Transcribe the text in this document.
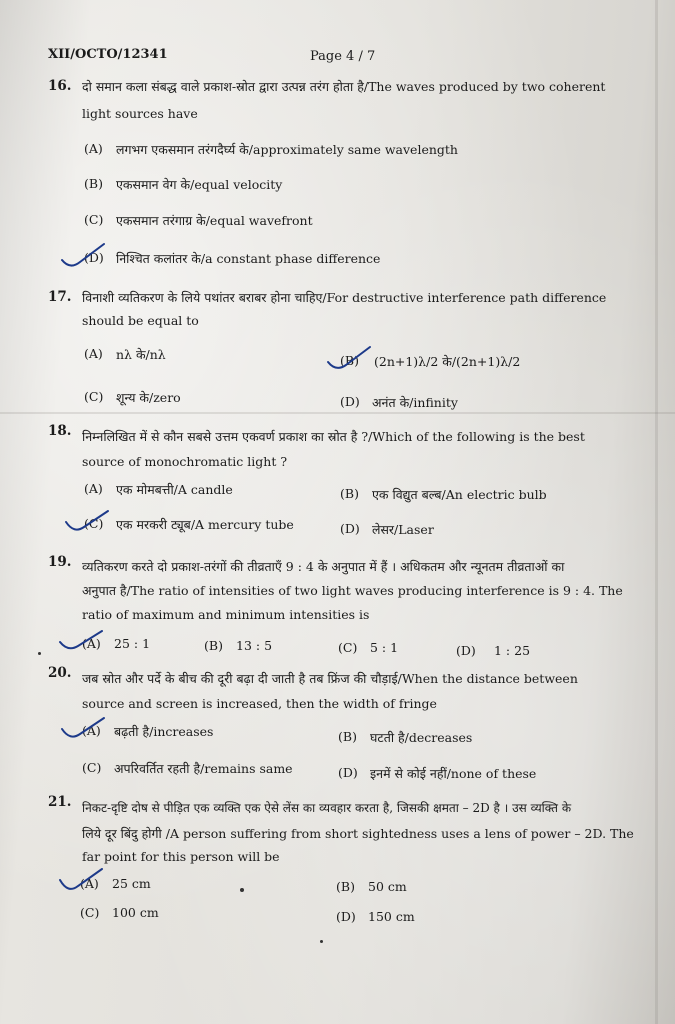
XII/OCTO/12341	Page 4 / 7
16. दो समान कला संबद्ध वाले प्रकाश-स्रोत द्वारा उत्पन्न तरंग होता है/The waves produced by two coherent
light sources have
(A) लगभग एकसमान तरंगदैर्घ्य के/approximately same wavelength
(B) एकसमान वेग के/equal velocity
(C) एकसमान तरंगाग्र के/equal wavefront
(D) निश्चित कलांतर के/a constant phase difference
17. विनाशी व्यतिकरण के लिये पथांतर बराबर होना चाहिए/For destructive interference path difference
should be equal to
(A) nλ के/nλ	(B) (2n+1)λ/2 के/(2n+1)λ/2
(C) शून्य के/zero	(D) अनंत के/infinity
18. निम्नलिखित में से कौन सबसे उत्तम एकवर्ण प्रकाश का स्रोत है ?/Which of the following is the best
source of monochromatic light ?
(A) एक मोमबत्ती/A candle	(B) एक विद्युत बल्ब/An electric bulb
(C) एक मरकरी ट्यूब/A mercury tube	(D) लेसर/Laser
19. व्यतिकरण करते दो प्रकाश-तरंगों की तीव्रताएँ 9 : 4 के अनुपात में हैं । अधिकतम और न्यूनतम तीव्रताओं का
अनुपात है/The ratio of intensities of two light waves producing interference is 9 : 4. The
ratio of maximum and minimum intensities is
(A) 25 : 1	(B) 13 : 5	(C) 5 : 1	(D) 1 : 25
20. जब स्रोत और पर्दे के बीच की दूरी बढ़ा दी जाती है तब फ्रिंज की चौड़ाई/When the distance between
source and screen is increased, then the width of fringe
(A) बढ़ती है/increases	(B) घटती है/decreases
(C) अपरिवर्तित रहती है/remains same	(D) इनमें से कोई नहीं/none of these
21. निकट-दृष्टि दोष से पीड़ित एक व्यक्ति एक ऐसे लेंस का व्यवहार करता है, जिसकी क्षमता – 2D है । उस व्यक्ति के
लिये दूर बिंदु होगी /A person suffering from short sightedness uses a lens of power – 2D. The
far point for this person will be
(A) 25 cm	(B) 50 cm
(C) 100 cm	(D) 150 cm
